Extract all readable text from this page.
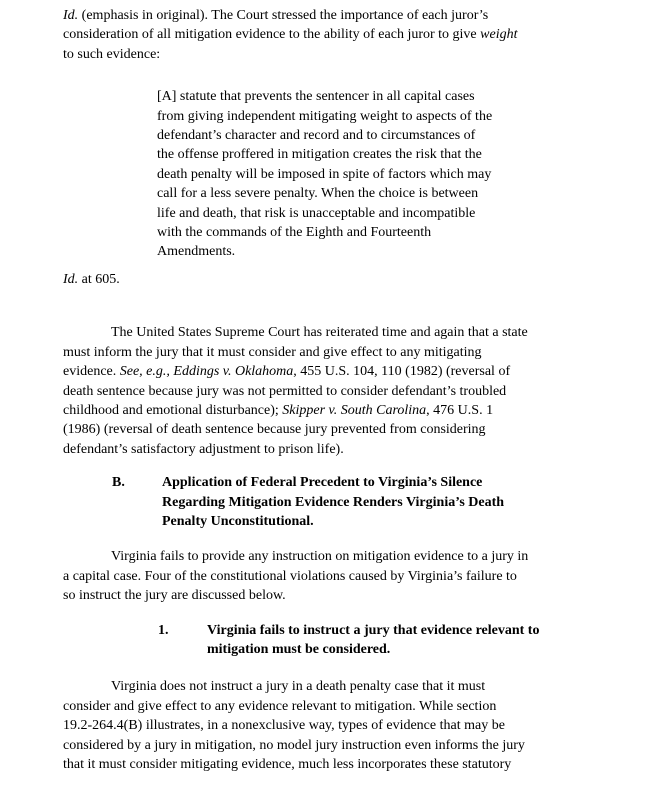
Id. (emphasis in original). The Court stressed the importance of each juror’s
consideration of all mitigation evidence to the ability of each juror to give weight
to such evidence:
[A] statute that prevents the sentencer in all capital cases
from giving independent mitigating weight to aspects of the
defendant’s character and record and to circumstances of
the offense proffered in mitigation creates the risk that the
death penalty will be imposed in spite of factors which may
call for a less severe penalty. When the choice is between
life and death, that risk is unacceptable and incompatible
with the commands of the Eighth and Fourteenth
Amendments.
Id. at 605.
The United States Supreme Court has reiterated time and again that a state
must inform the jury that it must consider and give effect to any mitigating
evidence. See, e.g., Eddings v. Oklahoma, 455 U.S. 104, 110 (1982) (reversal of
death sentence because jury was not permitted to consider defendant’s troubled
childhood and emotional disturbance); Skipper v. South Carolina, 476 U.S. 1
(1986) (reversal of death sentence because jury prevented from considering
defendant’s satisfactory adjustment to prison life).
B.	Application of Federal Precedent to Virginia’s Silence
Regarding Mitigation Evidence Renders Virginia’s Death
Penalty Unconstitutional.
Virginia fails to provide any instruction on mitigation evidence to a jury in
a capital case. Four of the constitutional violations caused by Virginia’s failure to
so instruct the jury are discussed below.
1.	Virginia fails to instruct a jury that evidence relevant to
mitigation must be considered.
Virginia does not instruct a jury in a death penalty case that it must
consider and give effect to any evidence relevant to mitigation. While section
19.2-264.4(B) illustrates, in a nonexclusive way, types of evidence that may be
considered by a jury in mitigation, no model jury instruction even informs the jury
that it must consider mitigating evidence, much less incorporates these statutory
